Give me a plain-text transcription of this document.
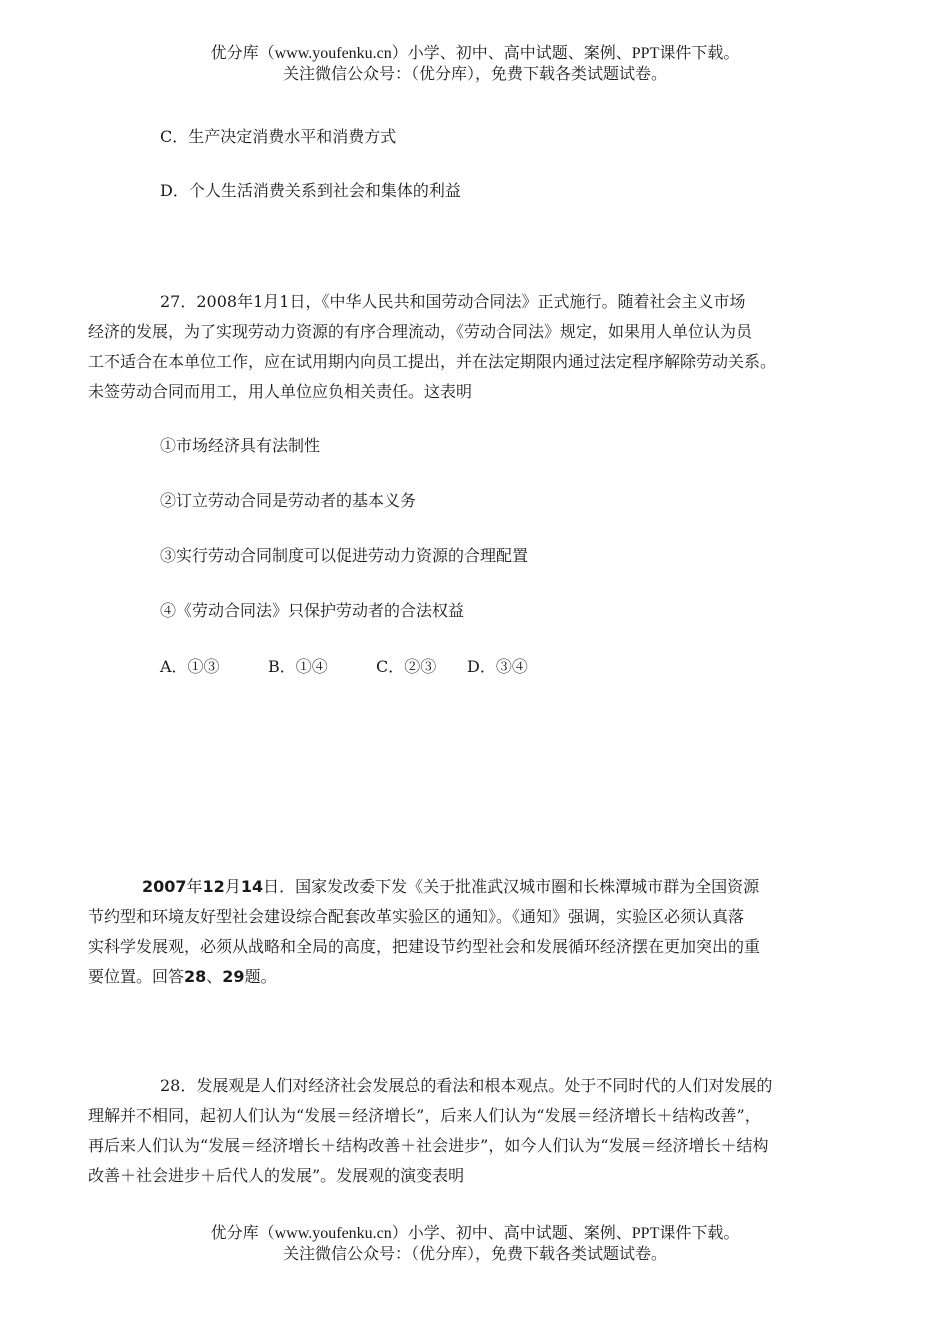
优分库（www.youfenku.cn）小学、初中、高中试题、案例、PPT课件下载。
关注微信公众号：（优分库），免费下载各类试题试卷。
C．生产决定消费水平和消费方式
D．个人生活消费关系到社会和集体的利益
27．2008年1月1日，《中华人民共和国劳动合同法》正式施行。随着社会主义市场
经济的发展，为了实现劳动力资源的有序合理流动，《劳动合同法》规定，如果用人单位认为员
工不适合在本单位工作，应在试用期内向员工提出，并在法定期限内通过法定程序解除劳动关系。
未签劳动合同而用工，用人单位应负相关责任。这表明
①市场经济具有法制性
②订立劳动合同是劳动者的基本义务
③实行劳动合同制度可以促进劳动力资源的合理配置
④《劳动合同法》只保护劳动者的合法权益
A．①③	B．①④	C．②③ D．③④
2007年12月14日．国家发改委下发《关于批准武汉城市圈和长株潭城市群为全国资源
节约型和环境友好型社会建设综合配套改革实验区的通知》。《通知》强调，实验区必须认真落
实科学发展观，必须从战略和全局的高度，把建设节约型社会和发展循环经济摆在更加突出的重
要位置。回答28、29题。
28．发展观是人们对经济社会发展总的看法和根本观点。处于不同时代的人们对发展的
理解并不相同，起初人们认为“发展＝经济增长”，后来人们认为“发展＝经济增长＋结构改善”，
再后来人们认为“发展＝经济增长＋结构改善＋社会进步”，如今人们认为“发展＝经济增长＋结构
改善＋社会进步＋后代人的发展”。发展观的演变表明
优分库（www.youfenku.cn）小学、初中、高中试题、案例、PPT课件下载。
关注微信公众号：（优分库），免费下载各类试题试卷。
